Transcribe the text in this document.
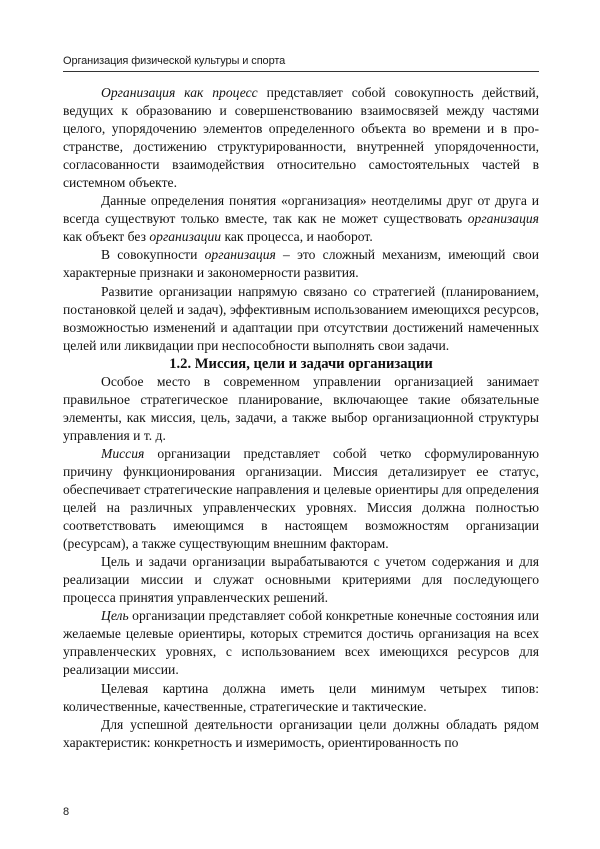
Организация физической культуры и спорта

Организация как процесс представляет собой совокупность действий, ведущих к образованию и совершенствованию взаимосвязей между частями целого, упорядочению элементов определенного объекта во времени и в пространстве, достижению структурированности, внутренней упорядоченности, согласованности взаимодействия относительно самостоятельных частей в системном объекте.

Данные определения понятия «организация» неотделимы друг от друга и всегда существуют только вместе, так как не может существовать организация как объект без организации как процесса, и наоборот.

В совокупности организация – это сложный механизм, имеющий свои характерные признаки и закономерности развития.

Развитие организации напрямую связано со стратегией (планированием, постановкой целей и задач), эффективным использованием имеющихся ресурсов, возможностью изменений и адаптации при отсутствии достижений намеченных целей или ликвидации при неспособности выполнять свои задачи.

1.2. Миссия, цели и задачи организации

Особое место в современном управлении организацией занимает правильное стратегическое планирование, включающее такие обязательные элементы, как миссия, цель, задачи, а также выбор организационной структуры управления и т. д.

Миссия организации представляет собой четко сформулированную причину функционирования организации. Миссия детализирует ее статус, обеспечивает стратегические направления и целевые ориентиры для определения целей на различных управленческих уровнях. Миссия должна полностью соответствовать имеющимся в настоящем возможностям организации (ресурсам), а также существующим внешним факторам.

Цель и задачи организации вырабатываются с учетом содержания и для реализации миссии и служат основными критериями для последующего процесса принятия управленческих решений.

Цель организации представляет собой конкретные конечные состояния или желаемые целевые ориентиры, которых стремится достичь организация на всех управленческих уровнях, с использованием всех имеющихся ресурсов для реализации миссии.

Целевая картина должна иметь цели минимум четырех типов: количественные, качественные, стратегические и тактические.

Для успешной деятельности организации цели должны обладать рядом характеристик: конкретность и измеримость, ориентированность по

8
